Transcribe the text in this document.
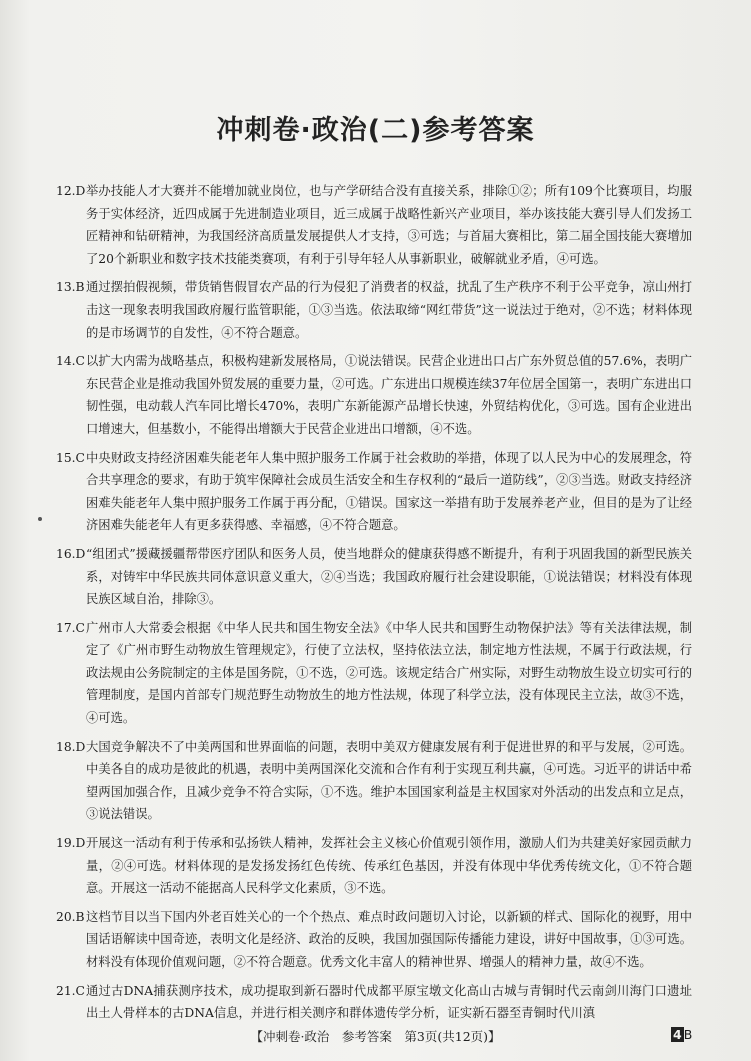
冲刺卷·政治(二)参考答案
12.D 举办技能人才大赛并不能增加就业岗位，也与产学研结合没有直接关系，排除①②；所有109个比赛项目，均服务于实体经济，近四成属于先进制造业项目，近三成属于战略性新兴产业项目，举办该技能大赛引导人们发扬工匠精神和钻研精神，为我国经济高质量发展提供人才支持，③可选；与首届大赛相比，第二届全国技能大赛增加了20个新职业和数字技术技能类赛项，有利于引导年轻人从事新职业，破解就业矛盾，④可选。
13.B 通过摆拍假视频，带货销售假冒农产品的行为侵犯了消费者的权益，扰乱了生产秩序不利于公平竞争，凉山州打击这一现象表明我国政府履行监管职能，①③当选。依法取缔“网红带货”这一说法过于绝对，②不选；材料体现的是市场调节的自发性，④不符合题意。
14.C 以扩大内需为战略基点，积极构建新发展格局，①说法错误。民营企业进出口占广东外贸总值的57.6%，表明广东民营企业是推动我国外贸发展的重要力量，②可选。广东进出口规模连续37年位居全国第一，表明广东进出口韧性强，电动载人汽车同比增长470%，表明广东新能源产品增长快速，外贸结构优化，③可选。国有企业进出口增速大，但基数小，不能得出增额大于民营企业进出口增额，④不选。
15.C 中央财政支持经济困难失能老年人集中照护服务工作属于社会救助的举措，体现了以人民为中心的发展理念，符合共享理念的要求，有助于筑牢保障社会成员生活安全和生存权利的“最后一道防线”，②③当选。财政支持经济困难失能老年人集中照护服务工作属于再分配，①错误。国家这一举措有助于发展养老产业，但目的是为了让经济困难失能老年人有更多获得感、幸福感，④不符合题意。
16.D “组团式”援藏援疆帮带医疗团队和医务人员，使当地群众的健康获得感不断提升，有利于巩固我国的新型民族关系，对铸牢中华民族共同体意识意义重大，②④当选；我国政府履行社会建设职能，①说法错误；材料没有体现民族区域自治，排除③。
17.C 广州市人大常委会根据《中华人民共和国生物安全法》《中华人民共和国野生动物保护法》等有关法律法规，制定了《广州市野生动物放生管理规定》，行使了立法权，坚持依法立法，制定地方性法规，不属于行政法规，行政法规由公务院制定的主体是国务院，①不选，②可选。该规定结合广州实际，对野生动物放生设立切实可行的管理制度，是国内首部专门规范野生动物放生的地方性法规，体现了科学立法，没有体现民主立法，故③不选，④可选。
18.D 大国竞争解决不了中美两国和世界面临的问题，表明中美双方健康发展有利于促进世界的和平与发展，②可选。中美各自的成功是彼此的机遇，表明中美两国深化交流和合作有利于实现互利共赢，④可选。习近平的讲话中希望两国加强合作，且减少竞争不符合实际，①不选。维护本国国家利益是主权国家对外活动的出发点和立足点，③说法错误。
19.D 开展这一活动有利于传承和弘扬铁人精神，发挥社会主义核心价值观引领作用，激励人们为共建美好家园贡献力量，②④可选。材料体现的是发扬发扬红色传统、传承红色基因，并没有体现中华优秀传统文化，①不符合题意。开展这一活动不能据高人民科学文化素质，③不选。
20.B 这档节目以当下国内外老百姓关心的一个个热点、难点时政问题切入讨论，以新颖的样式、国际化的视野，用中国话语解读中国奇迹，表明文化是经济、政治的反映，我国加强国际传播能力建设，讲好中国故事，①③可选。材料没有体现价值观问题，②不符合题意。优秀文化丰富人的精神世界、增强人的精神力量，故④不选。
21.C 通过古DNA捕获测序技术，成功提取到新石器时代成都平原宝墩文化高山古城与青铜时代云南剑川海门口遗址出土人骨样本的古DNA信息，并进行相关测序和群体遗传学分析，证实新石器至青铜时代川滇
【冲刺卷·政治　参考答案　第3页(共12页)】	4 B
